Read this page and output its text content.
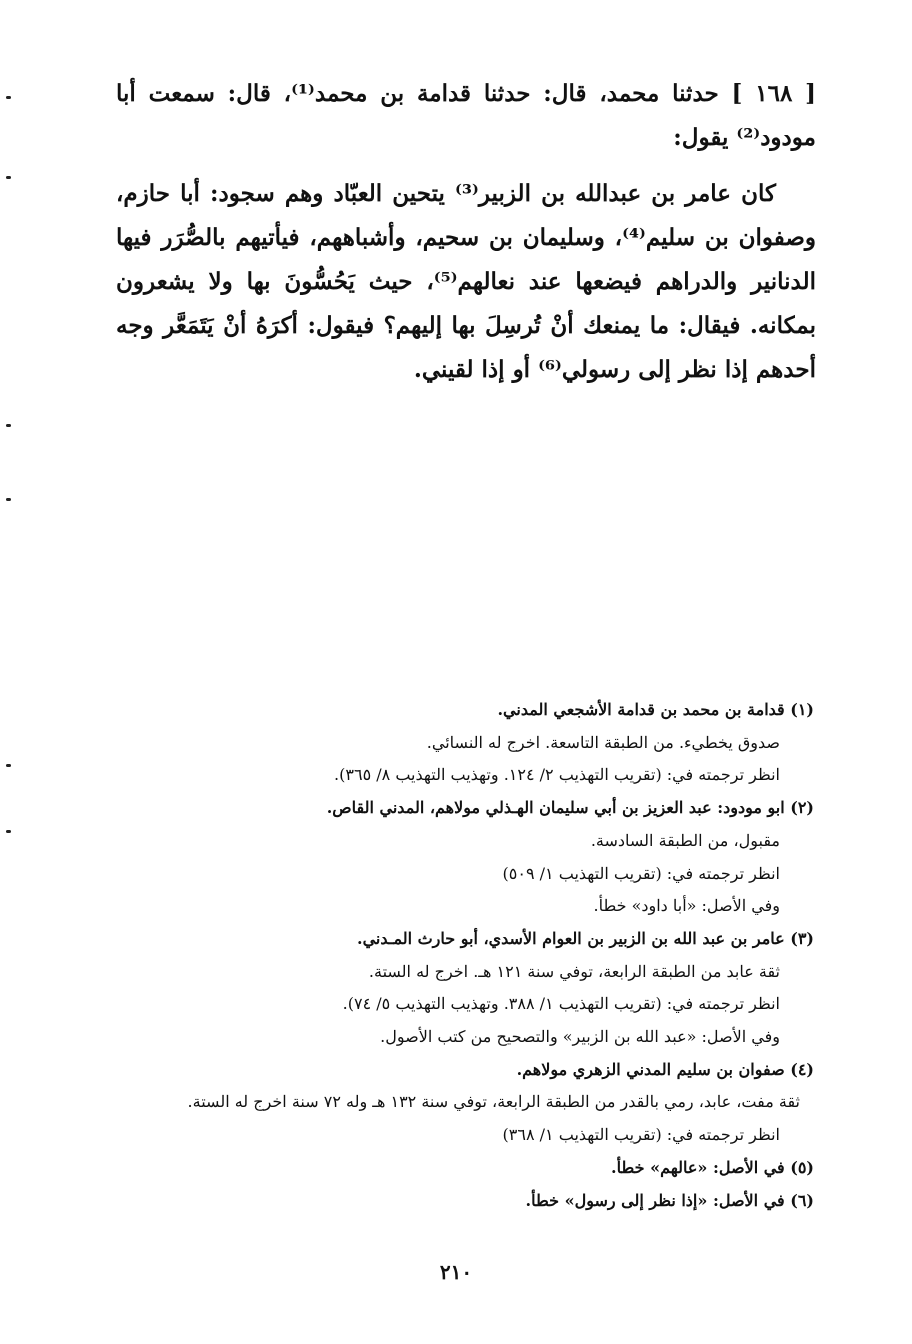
[ ١٦٨ ] حدثنا محمد، قال: حدثنا قدامة بن محمد⁽¹⁾، قال: سمعت أبا مودود⁽²⁾ يقول:

كان عامر بن عبدالله بن الزبير⁽³⁾ يتحين العبّاد وهم سجود: أبا حازم، وصفوان بن سليم⁽⁴⁾، وسليمان بن سحيم، وأشباههم، فيأتيهم بالصُّرَر فيها الدنانير والدراهم فيضعها عند نعالهم⁽⁵⁾، حيث يَحُسُّونَ بها ولا يشعرون بمكانه. فيقال: ما يمنعك أنْ تُرسِلَ بها إليهم؟ فيقول: أكرَهُ أنْ يَتَمَعَّر وجه أحدهم إذا نظر إلى رسولي⁽⁶⁾ أو إذا لقيني.

(١) قدامة بن محمد بن قدامة الأشجعي المدني.

صدوق يخطيء. من الطبقة التاسعة. اخرج له النسائي.

انظر ترجمته في: (تقريب التهذيب ٢/ ١٢٤. وتهذيب التهذيب ٨/ ٣٦٥).

(٢) ابو مودود: عبد العزيز بن أبي سليمان الهـذلي مولاهم، المدني القاص.

مقبول، من الطبقة السادسة.

انظر ترجمته في: (تقريب التهذيب ١/ ٥٠٩)

وفي الأصل: «أبا داود» خطأ.

(٣) عامر بن عبد الله بن الزبير بن العوام الأسدي، أبو حارث المـدني.

ثقة عابد من الطبقة الرابعة، توفي سنة ١٢١ هـ. اخرج له الستة.

انظر ترجمته في: (تقريب التهذيب ١/ ٣٨٨. وتهذيب التهذيب ٥/ ٧٤).

وفي الأصل: «عبد الله بن الزبير» والتصحيح من كتب الأصول.

(٤) صفوان بن سليم المدني الزهري مولاهم.

ثقة مفت، عابد، رمي بالقدر من الطبقة الرابعة، توفي سنة ١٣٢ هـ وله ٧٢ سنة اخرج له الستة.

انظر ترجمته في: (تقريب التهذيب ١/ ٣٦٨)

(٥) في الأصل: «عالهم» خطأ.

(٦) في الأصل: «إذا نظر إلى رسول» خطأ.

٢١٠
